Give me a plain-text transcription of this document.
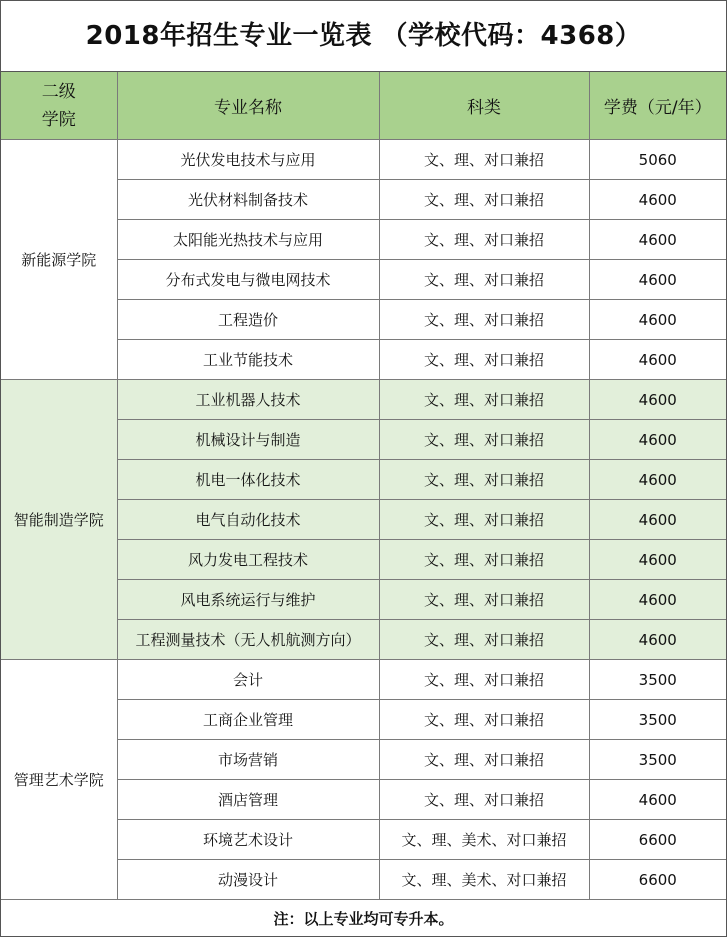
2018年招生专业一览表 （学校代码：4368）
二级
学院	专业名称	科类	学费（元/年）
新能源学院	光伏发电技术与应用	文、理、对口兼招	5060
	光伏材料制备技术	文、理、对口兼招	4600
	太阳能光热技术与应用	文、理、对口兼招	4600
	分布式发电与微电网技术	文、理、对口兼招	4600
	工程造价	文、理、对口兼招	4600
	工业节能技术	文、理、对口兼招	4600
智能制造学院	工业机器人技术	文、理、对口兼招	4600
	机械设计与制造	文、理、对口兼招	4600
	机电一体化技术	文、理、对口兼招	4600
	电气自动化技术	文、理、对口兼招	4600
	风力发电工程技术	文、理、对口兼招	4600
	风电系统运行与维护	文、理、对口兼招	4600
	工程测量技术（无人机航测方向）	文、理、对口兼招	4600
管理艺术学院	会计	文、理、对口兼招	3500
	工商企业管理	文、理、对口兼招	3500
	市场营销	文、理、对口兼招	3500
	酒店管理	文、理、对口兼招	4600
	环境艺术设计	文、理、美术、对口兼招	6600
	动漫设计	文、理、美术、对口兼招	6600
注：以上专业均可专升本。			
